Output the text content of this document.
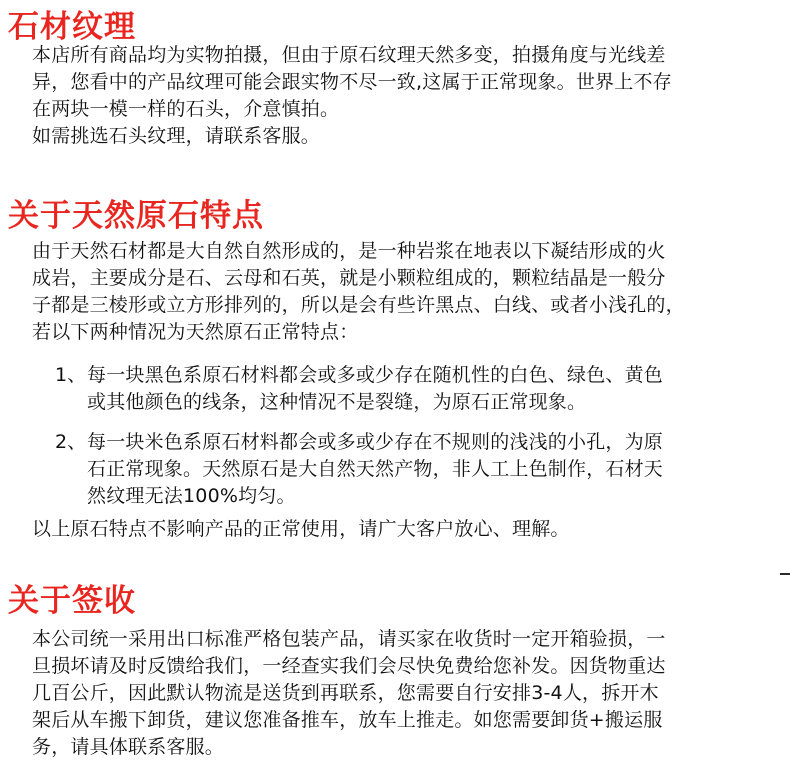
石材纹理

本店所有商品均为实物拍摄，但由于原石纹理天然多变，拍摄角度与光线差
异，您看中的产品纹理可能会跟实物不尽一致,这属于正常现象。世界上不存
在两块一模一样的石头，介意慎拍。
如需挑选石头纹理，请联系客服。

关于天然原石特点

由于天然石材都是大自然自然形成的，是一种岩浆在地表以下凝结形成的火
成岩，主要成分是石、云母和石英，就是小颗粒组成的，颗粒结晶是一般分
子都是三棱形或立方形排列的，所以是会有些许黑点、白线、或者小浅孔的，
若以下两种情况为天然原石正常特点：

1、 每一块黑色系原石材料都会或多或少存在随机性的白色、绿色、黄色
或其他颜色的线条，这种情况不是裂缝，为原石正常现象。

2、 每一块米色系原石材料都会或多或少存在不规则的浅浅的小孔，为原
石正常现象。天然原石是大自然天然产物，非人工上色制作，石材天
然纹理无法100%均匀。

以上原石特点不影响产品的正常使用，请广大客户放心、理解。

关于签收

本公司统一采用出口标准严格包装产品，请买家在收货时一定开箱验损，一
旦损坏请及时反馈给我们，一经查实我们会尽快免费给您补发。因货物重达
几百公斤，因此默认物流是送货到再联系，您需要自行安排3-4人，拆开木
架后从车搬下卸货，建议您准备推车，放车上推走。如您需要卸货+搬运服
务，请具体联系客服。
